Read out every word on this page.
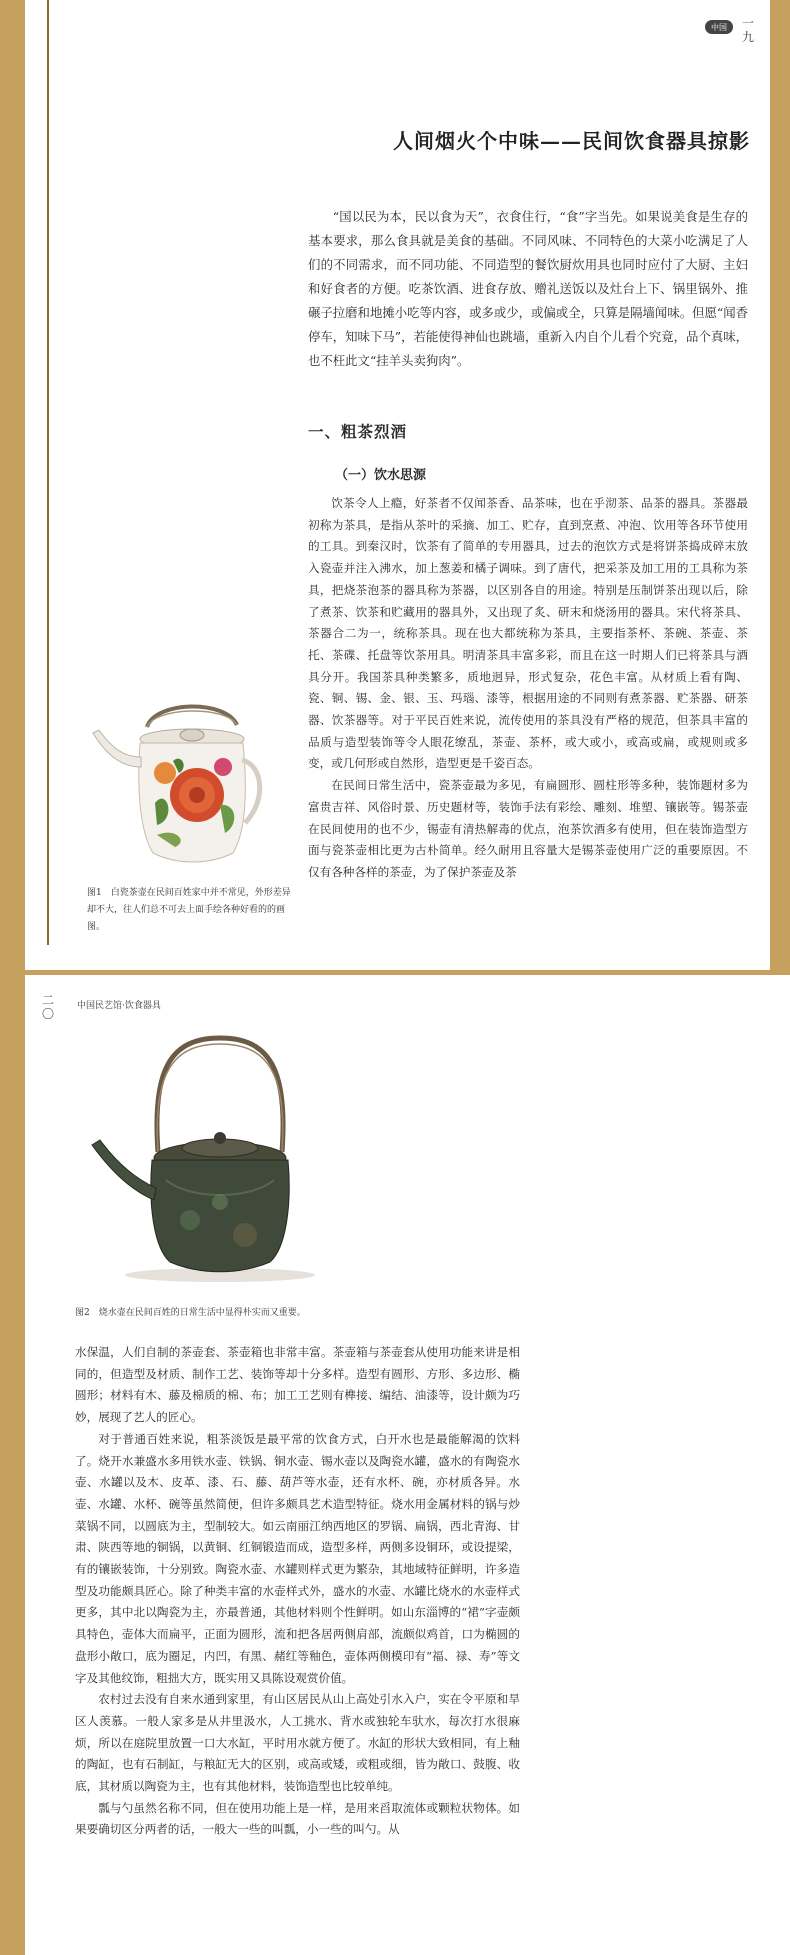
中国	一九
人间烟火个中味——民间饮食器具掠影

“国以民为本，民以食为天”，衣食住行，“食”字当先。如果说美食是生存的基本要求，那么食具就是美食的基础。不同风味、不同特色的大菜小吃满足了人们的不同需求，而不同功能、不同造型的餐饮厨炊用具也同时应付了大厨、主妇和好食者的方便。吃茶饮酒、进食存放、赠礼送饭以及灶台上下、锅里锅外、推碾子拉磨和地摊小吃等内容，或多或少，或偏或全，只算是隔墙闻味。但愿“闻香停车，知味下马”，若能使得神仙也跳墙，重新入内自个儿看个究竟，品个真味，也不枉此文“挂羊头卖狗肉”。

一、粗茶烈酒
（一）饮水思源

饮茶令人上瘾，好茶者不仅闻茶香、品茶味，也在乎沏茶、品茶的器具。茶器最初称为茶具，是指从茶叶的采摘、加工、贮存，直到烹煮、冲泡、饮用等各环节使用的工具。到秦汉时，饮茶有了简单的专用器具，过去的泡饮方式是将饼茶捣成碎末放入瓷壶并注入沸水，加上葱姜和橘子调味。到了唐代，把采茶及加工用的工具称为茶具，把烧茶泡茶的器具称为茶器，以区别各自的用途。特别是压制饼茶出现以后，除了煮茶、饮茶和贮藏用的器具外，又出现了炙、研末和烧汤用的器具。宋代将茶具、茶器合二为一，统称茶具。现在也大都统称为茶具，主要指茶杯、茶碗、茶壶、茶托、茶碟、托盘等饮茶用具。明清茶具丰富多彩，而且在这一时期人们已将茶具与酒具分开。我国茶具种类繁多，质地迥异，形式复杂，花色丰富。从材质上看有陶、瓷、铜、锡、金、银、玉、玛瑙、漆等，根据用途的不同则有煮茶器、贮茶器、研茶器、饮茶器等。对于平民百姓来说，流传使用的茶具没有严格的规范，但茶具丰富的品质与造型装饰等令人眼花缭乱，茶壶、茶杯，或大或小，或高或扁，或规则或多变，或几何形或自然形，造型更是千姿百态。

在民间日常生活中，瓷茶壶最为多见，有扁圆形、圆柱形等多种，装饰题材多为富贵吉祥、风俗时景、历史题材等，装饰手法有彩绘、雕刻、堆塑、镶嵌等。锡茶壶在民间使用的也不少，锡壶有清热解毒的优点，泡茶饮酒多有使用，但在装饰造型方面与瓷茶壶相比更为古朴简单。经久耐用且容量大是锡茶壶使用广泛的重要原因。不仅有各种各样的茶壶，为了保护茶壶及茶

图1　白瓷茶壶在民间百姓家中并不常见，外形差异却不大，往人们总不可去上面手绘各种好看的的画图。

二〇

中国民艺馆·饮食器具

图2　烧水壶在民间百姓的日常生活中显得朴实而又重要。

水保温，人们自制的茶壶套、茶壶箱也非常丰富。茶壶箱与茶壶套从使用功能来讲是相同的，但造型及材质、制作工艺、装饰等却十分多样。造型有圆形、方形、多边形、椭圆形；材料有木、藤及棉质的棉、布；加工工艺则有榫接、编结、油漆等，设计颇为巧妙，展现了艺人的匠心。

对于普通百姓来说，粗茶淡饭是最平常的饮食方式，白开水也是最能解渴的饮料了。烧开水兼盛水多用铁水壶、铁锅、铜水壶、锡水壶以及陶瓷水罐，盛水的有陶瓷水壶、水罐以及木、皮革、漆、石、藤、葫芦等水壶，还有水杯、碗，亦材质各异。水壶、水罐、水杯、碗等虽然简便，但许多颇具艺术造型特征。烧水用金属材料的锅与炒菜锅不同，以圆底为主，型制较大。如云南丽江纳西地区的罗锅、扁锅，西北青海、甘肃、陕西等地的铜锅，以黄铜、红铜锻造而成，造型多样，两侧多设铜环，或设提梁，有的镶嵌装饰，十分别致。陶瓷水壶、水罐则样式更为繁杂，其地域特征鲜明，许多造型及功能颇具匠心。除了种类丰富的水壶样式外，盛水的水壶、水罐比烧水的水壶样式更多，其中北以陶瓷为主，亦最普通，其他材料则个性鲜明。如山东淄博的“裙”字壶颇具特色，壶体大而扁平，正面为圆形，流和把各居两侧肩部，流颇似鸡首，口为椭圆的盘形小敞口，底为圈足，内凹，有黑、赭红等釉色，壶体两侧模印有“福、禄、寿”等文字及其他纹饰，粗拙大方，既实用又具陈设观赏价值。

农村过去没有自来水通到家里，有山区居民从山上高处引水入户，实在令平原和旱区人羡慕。一般人家多是从井里汲水，人工挑水、背水或独轮车驮水，每次打水很麻烦，所以在庭院里放置一口大水缸，平时用水就方便了。水缸的形状大致相同，有上釉的陶缸，也有石制缸，与粮缸无大的区别，或高或矮，或粗或细，皆为敞口、鼓腹、收底，其材质以陶瓷为主，也有其他材料，装饰造型也比较单纯。

瓢与勺虽然名称不同，但在使用功能上是一样，是用来舀取流体或颗粒状物体。如果要确切区分两者的话，一般大一些的叫瓢，小一些的叫勺。从
